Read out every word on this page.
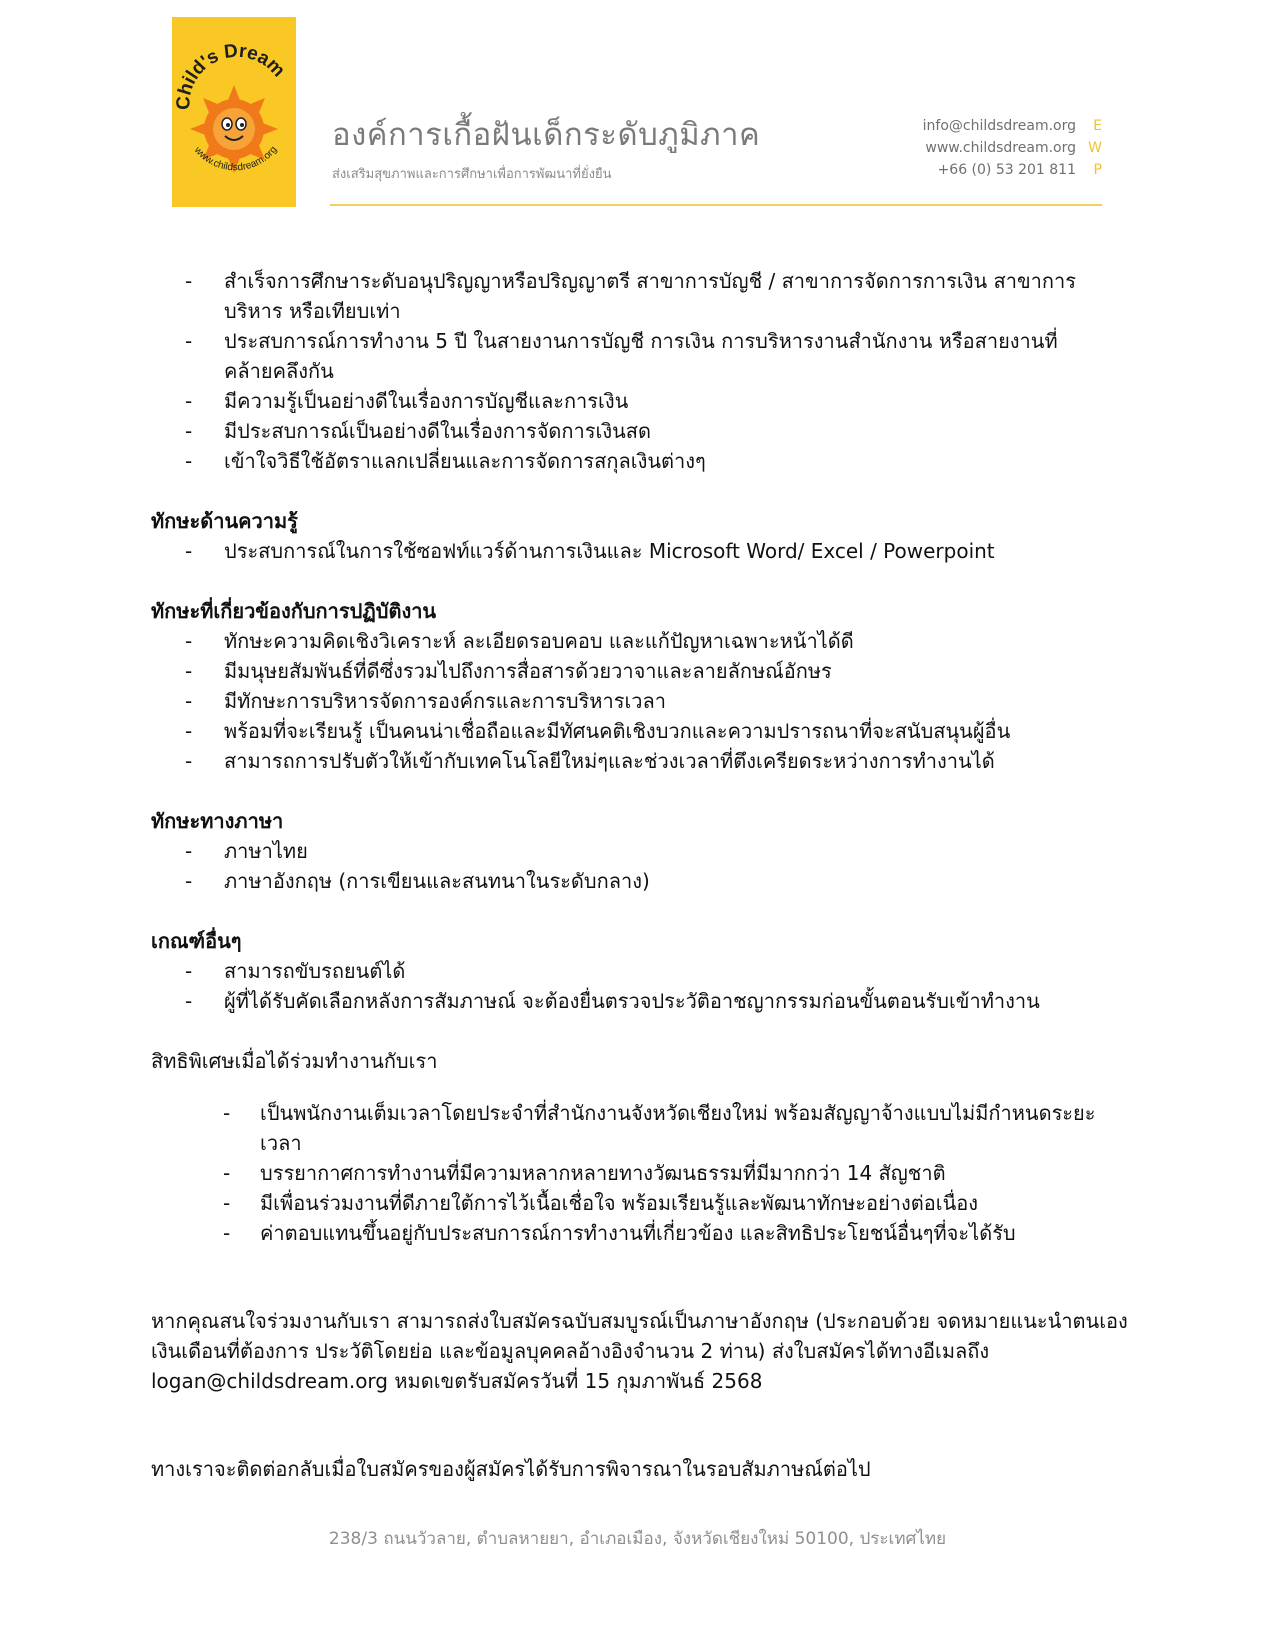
Child's Dream
www.childsdream.org องค์การเกื้อฝันเด็กระดับภูมิภาค
ส่งเสริมสุขภาพและการศึกษาเพื่อการพัฒนาที่ยั่งยืน
info@childsdream.org	E
www.childsdream.org W
+66 (0) 53 201 811	P
- สำเร็จการศึกษาระดับอนุปริญญาหรือปริญญาตรี สาขาการบัญชี / สาขาการจัดการการเงิน สาขาการบริหาร หรือเทียบเท่า
- ประสบการณ์การทำงาน 5 ปี ในสายงานการบัญชี การเงิน การบริหารงานสำนักงาน หรือสายงานที่คล้ายคลึงกัน
- มีความรู้เป็นอย่างดีในเรื่องการบัญชีและการเงิน
- มีประสบการณ์เป็นอย่างดีในเรื่องการจัดการเงินสด
- เข้าใจวิธีใช้อัตราแลกเปลี่ยนและการจัดการสกุลเงินต่างๆ

ทักษะด้านความรู้

- ประสบการณ์ในการใช้ซอฟท์แวร์ด้านการเงินและ Microsoft Word/ Excel / Powerpoint

ทักษะที่เกี่ยวข้องกับการปฏิบัติงาน

- ทักษะความคิดเชิงวิเคราะห์ ละเอียดรอบคอบ และแก้ปัญหาเฉพาะหน้าได้ดี
- มีมนุษยสัมพันธ์ที่ดีซึ่งรวมไปถึงการสื่อสารด้วยวาจาและลายลักษณ์อักษร
- มีทักษะการบริหารจัดการองค์กรและการบริหารเวลา
- พร้อมที่จะเรียนรู้ เป็นคนน่าเชื่อถือและมีทัศนคติเชิงบวกและความปรารถนาที่จะสนับสนุนผู้อื่น
- สามารถการปรับตัวให้เข้ากับเทคโนโลยีใหม่ๆและช่วงเวลาที่ตึงเครียดระหว่างการทำงานได้

ทักษะทางภาษา

- ภาษาไทย
- ภาษาอังกฤษ (การเขียนและสนทนาในระดับกลาง)

เกณฑ์อื่นๆ

- สามารถขับรถยนต์ได้
- ผู้ที่ได้รับคัดเลือกหลังการสัมภาษณ์ จะต้องยื่นตรวจประวัติอาชญากรรมก่อนขั้นตอนรับเข้าทำงาน

สิทธิพิเศษเมื่อได้ร่วมทำงานกับเรา

- เป็นพนักงานเต็มเวลาโดยประจำที่สำนักงานจังหวัดเชียงใหม่ พร้อมสัญญาจ้างแบบไม่มีกำหนดระยะเวลา
- บรรยากาศการทำงานที่มีความหลากหลายทางวัฒนธรรมที่มีมากกว่า 14 สัญชาติ
- มีเพื่อนร่วมงานที่ดีภายใต้การไว้เนื้อเชื่อใจ พร้อมเรียนรู้และพัฒนาทักษะอย่างต่อเนื่อง
- ค่าตอบแทนขึ้นอยู่กับประสบการณ์การทำงานที่เกี่ยวข้อง และสิทธิประโยชน์อื่นๆที่จะได้รับ

หากคุณสนใจร่วมงานกับเรา สามารถส่งใบสมัครฉบับสมบูรณ์เป็นภาษาอังกฤษ (ประกอบด้วย จดหมายแนะนำตนเอง เงินเดือนที่ต้องการ ประวัติโดยย่อ และข้อมูลบุคคลอ้างอิงจำนวน 2 ท่าน) ส่งใบสมัครได้ทางอีเมลถึง logan@childsdream.org หมดเขตรับสมัครวันที่ 15 กุมภาพันธ์ 2568

ทางเราจะติดต่อกลับเมื่อใบสมัครของผู้สมัครได้รับการพิจารณาในรอบสัมภาษณ์ต่อไป

238/3 ถนนวัวลาย, ตำบลหายยา, อำเภอเมือง, จังหวัดเชียงใหม่ 50100, ประเทศไทย
